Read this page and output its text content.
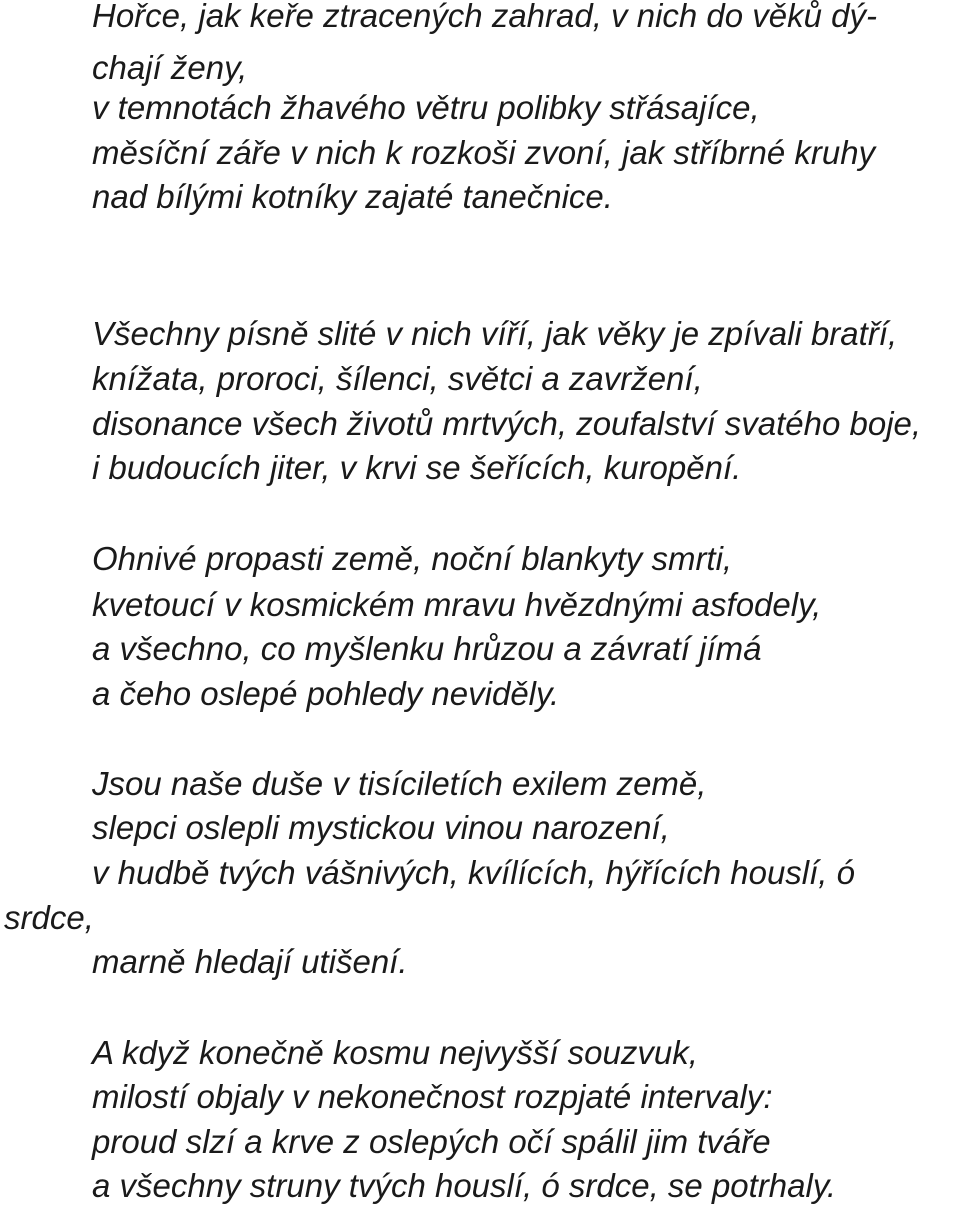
Hořce, jak keře ztracených zahrad, v nich do věků dý-

chají ženy,

v temnotách žhavého větru polibky střásajíce,

měsíční záře v nich k rozkoši zvoní, jak stříbrné kruhy

nad bílými kotníky zajaté tanečnice.

Všechny písně slité v nich víří, jak věky je zpívali bratří,

knížata, proroci, šílenci, světci a zavržení,

disonance všech životů mrtvých, zoufalství svatého boje,

i budoucích jiter, v krvi se šeřících, kuropění.

Ohnivé propasti země, noční blankyty smrti,

kvetoucí v kosmickém mravu hvězdnými asfodely,

a všechno, co myšlenku hrůzou a závratí jímá

a čeho oslepé pohledy neviděly.

Jsou naše duše v tisíciletích exilem země,

slepci oslepli mystickou vinou narození,

v hudbě tvých vášnivých, kvílících, hýřících houslí, ó

srdce,

marně hledají utišení.

A když konečně kosmu nejvyšší souzvuk,

milostí objaly v nekonečnost rozpjaté intervaly:

proud slzí a krve z oslepých očí spálil jim tváře

a všechny struny tvých houslí, ó srdce, se potrhaly.
